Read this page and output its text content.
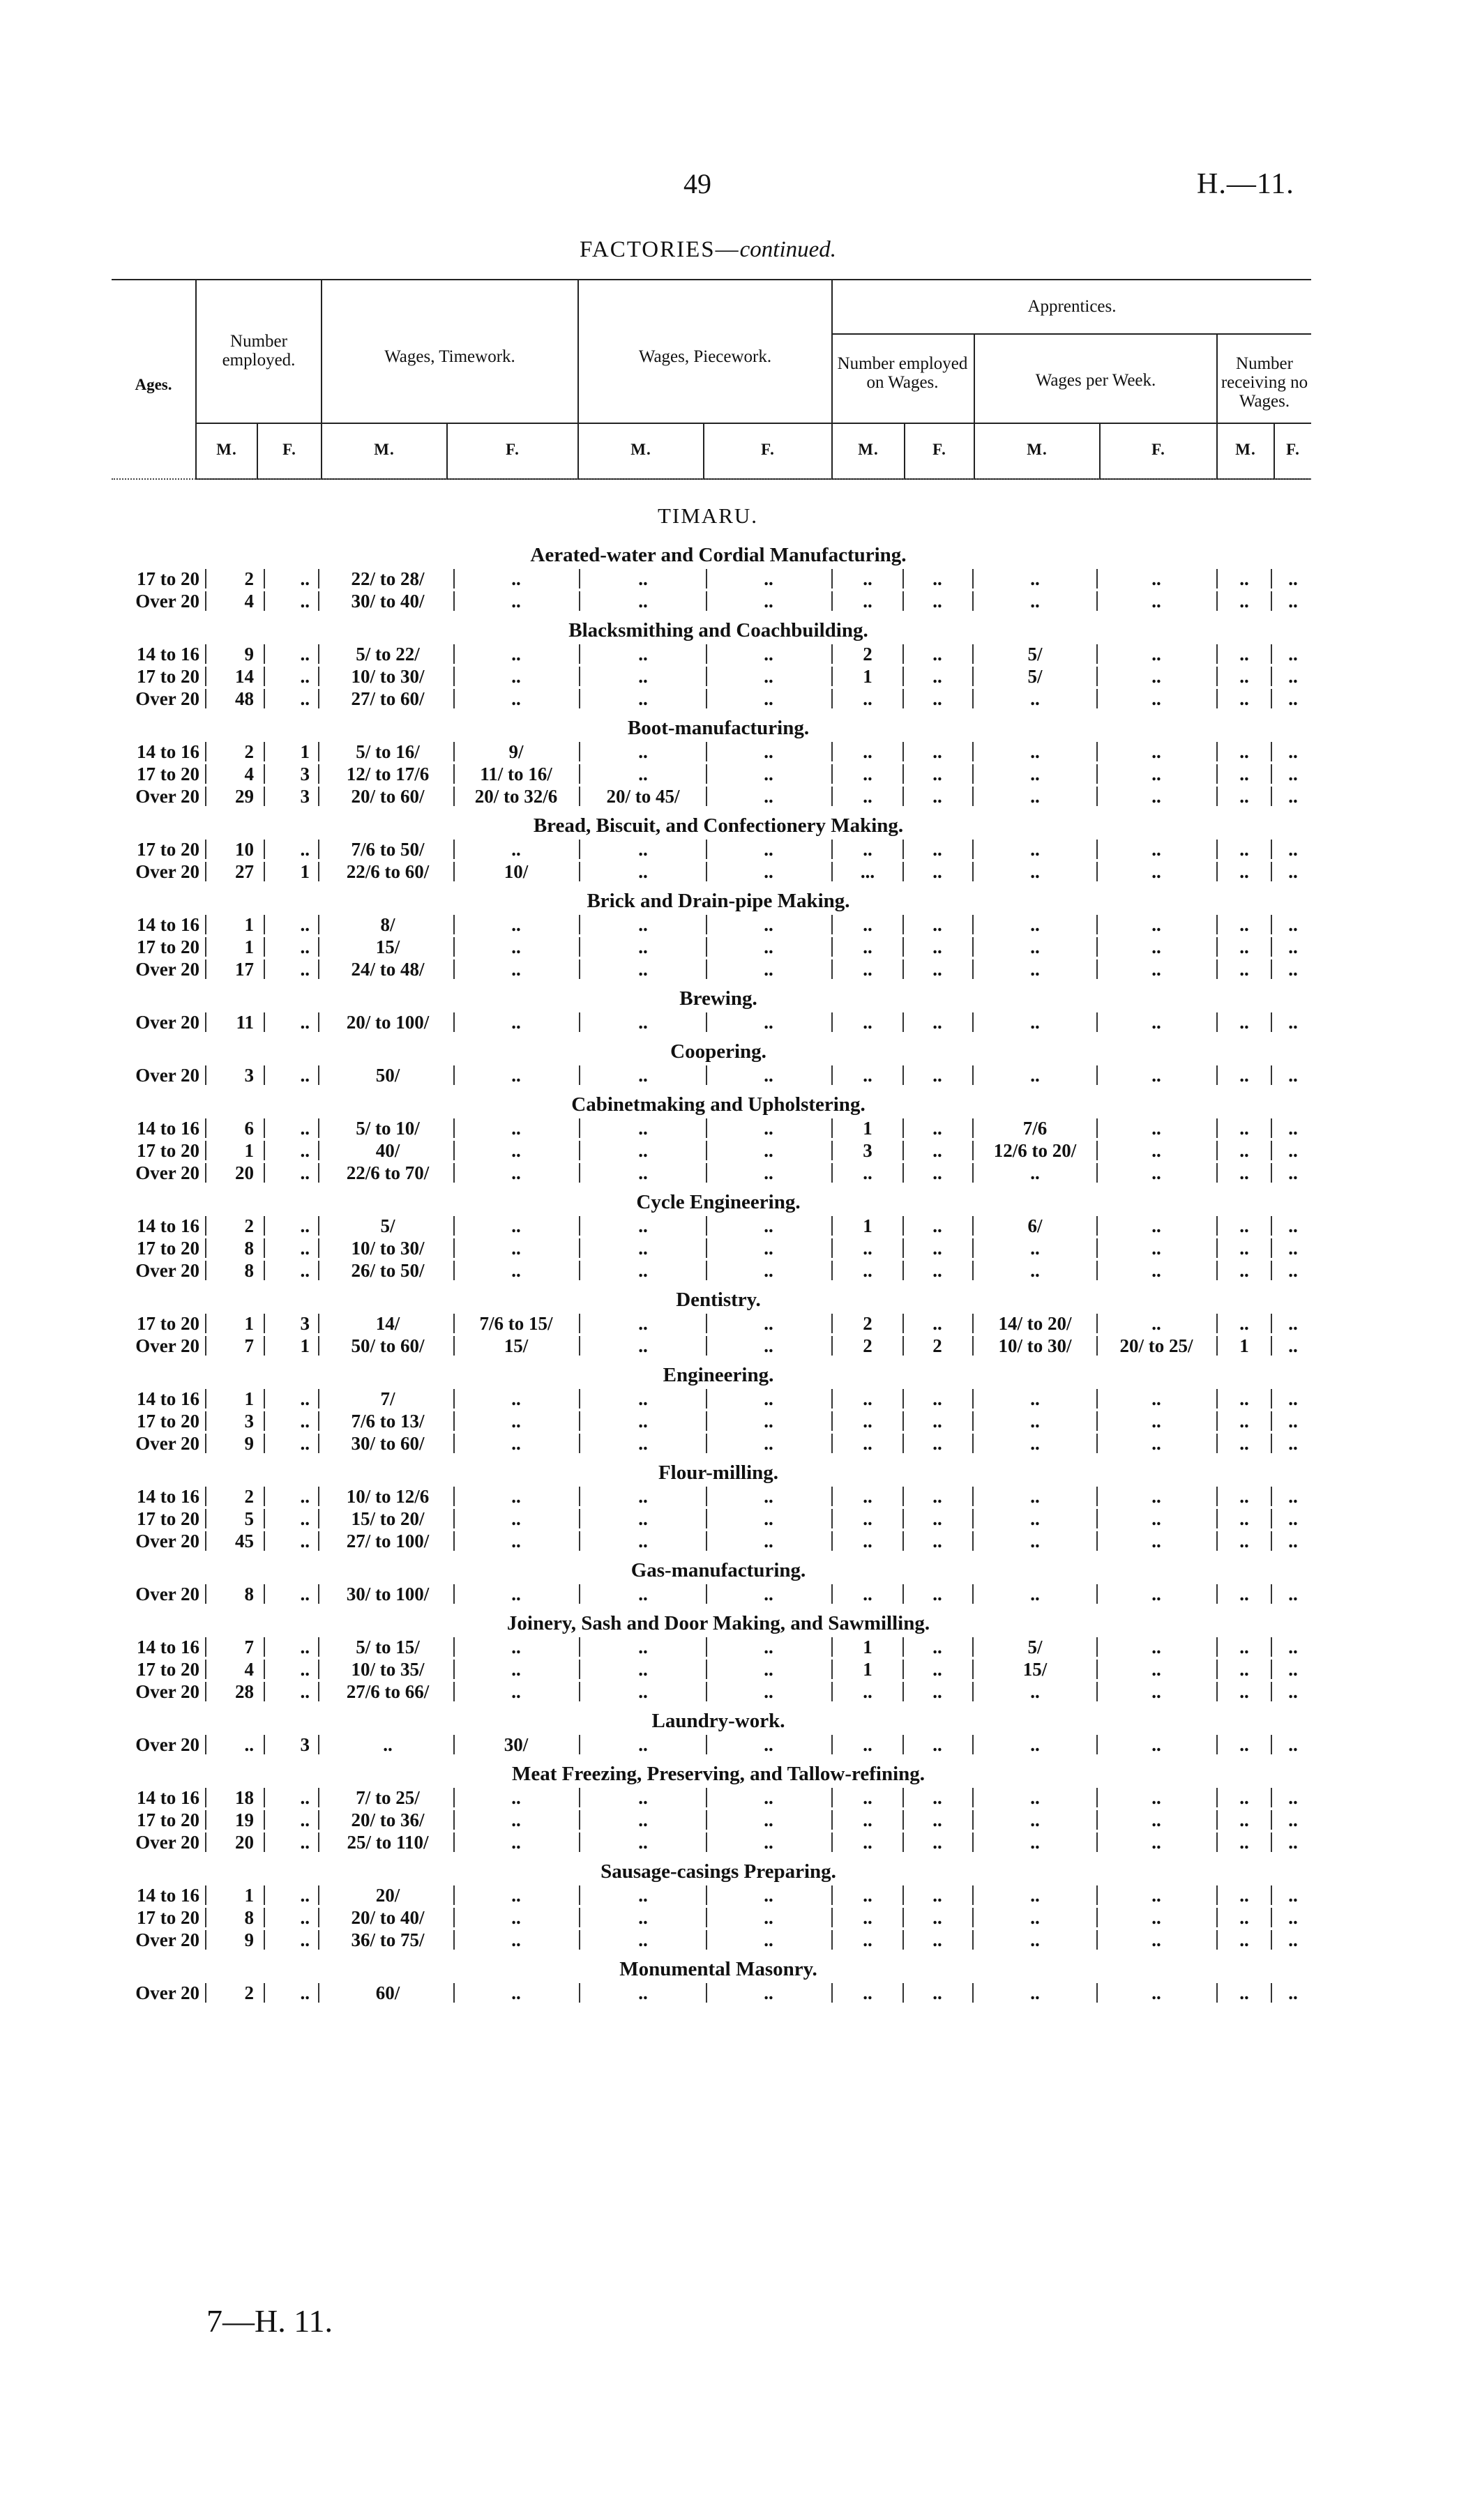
49	H.—11.
FACTORIES—continued.
Ages.
Number employed.	Wages, Timework.	Wages, Piecework.
Apprentices.
Number employed on Wages.	Wages per Week.
Number receiving no Wages.
M.	F.	M.	F.	M.	F.	M.	F.	M.	F.	M.	F.
TIMARU.
Aerated-water and Cordial Manufacturing.
17 to 20	2	..	22/ to 28/	..	..	..	..	..	..	..	..	..
Over 20	4	..	30/ to 40/	..	..	..	..	..	..	..	..	..
Blacksmithing and Coachbuilding.
14 to 16	9	..	5/ to 22/	..	..	..	2	..	5/	..	..	..
17 to 20	14	..	10/ to 30/	..	..	..	1	..	5/	..	..	..
Over 20	48	..	27/ to 60/	..	..	..	..	..	..	..	..	..
Boot-manufacturing.
14 to 16	2	1	5/ to 16/	9/	..	..	..	..	..	..	..	..
17 to 20	4	3	12/ to 17/6	11/ to 16/	..	..	..	..	..	..	..	..
Over 20	29	3	20/ to 60/	20/ to 32/6	20/ to 45/	..	..	..	..	..	..	..
Bread, Biscuit, and Confectionery Making.
17 to 20	10	..	7/6 to 50/	..	..	..	..	..	..	..	..	..
Over 20	27	1	22/6 to 60/	10/	..	..	...	..	..	..	..	..
Brick and Drain-pipe Making.
14 to 16	1	..	8/	..	..	..	..	..	..	..	..	..
17 to 20	1	..	15/	..	..	..	..	..	..	..	..	..
Over 20	17	..	24/ to 48/	..	..	..	..	..	..	..	..	..
Brewing.
Over 20	11	..	20/ to 100/	..	..	..	..	..	..	..	..	..
Coopering.
Over 20	3	..	50/	..	..	..	..	..	..	..	..	..
Cabinetmaking and Upholstering.
14 to 16	6	..	5/ to 10/	..	..	..	1	..	7/6	..	..	..
17 to 20	1	..	40/	..	..	..	3	..	12/6 to 20/	..	..	..
Over 20	20	..	22/6 to 70/	..	..	..	..	..	..	..	..	..
Cycle Engineering.
14 to 16	2	..	5/	..	..	..	1	..	6/	..	..	..
17 to 20	8	..	10/ to 30/	..	..	..	..	..	..	..	..	..
Over 20	8	..	26/ to 50/	..	..	..	..	..	..	..	..	..
Dentistry.
17 to 20	1	3	14/	7/6 to 15/	..	..	2	..	14/ to 20/	..	..	..
Over 20	7	1	50/ to 60/	15/	..	..	2	2	10/ to 30/	20/ to 25/	1	..
Engineering.
14 to 16	1	..	7/	..	..	..	..	..	..	..	..	..
17 to 20	3	..	7/6 to 13/	..	..	..	..	..	..	..	..	..
Over 20	9	..	30/ to 60/	..	..	..	..	..	..	..	..	..
Flour-milling.
14 to 16	2	..	10/ to 12/6	..	..	..	..	..	..	..	..	..
17 to 20	5	..	15/ to 20/	..	..	..	..	..	..	..	..	..
Over 20	45	..	27/ to 100/	..	..	..	..	..	..	..	..	..
Gas-manufacturing.
Over 20	8	..	30/ to 100/	..	..	..	..	..	..	..	..	..
Joinery, Sash and Door Making, and Sawmilling.
14 to 16	7	..	5/ to 15/	..	..	..	1	..	5/	..	..	..
17 to 20	4	..	10/ to 35/	..	..	..	1	..	15/	..	..	..
Over 20	28	..	27/6 to 66/	..	..	..	..	..	..	..	..	..
Laundry-work.
Over 20	..	3	..	30/	..	..	..	..	..	..	..	..
Meat Freezing, Preserving, and Tallow-refining.
14 to 16	18	..	7/ to 25/	..	..	..	..	..	..	..	..	..
17 to 20	19	..	20/ to 36/	..	..	..	..	..	..	..	..	..
Over 20	20	..	25/ to 110/	..	..	..	..	..	..	..	..	..
Sausage-casings Preparing.
14 to 16	1	..	20/	..	..	..	..	..	..	..	..	..
17 to 20	8	..	20/ to 40/	..	..	..	..	..	..	..	..	..
Over 20	9	..	36/ to 75/	..	..	..	..	..	..	..	..	..
Monumental Masonry.
Over 20	2	..	60/	..	..	..	..	..	..	..	..	..
7—H. 11.
